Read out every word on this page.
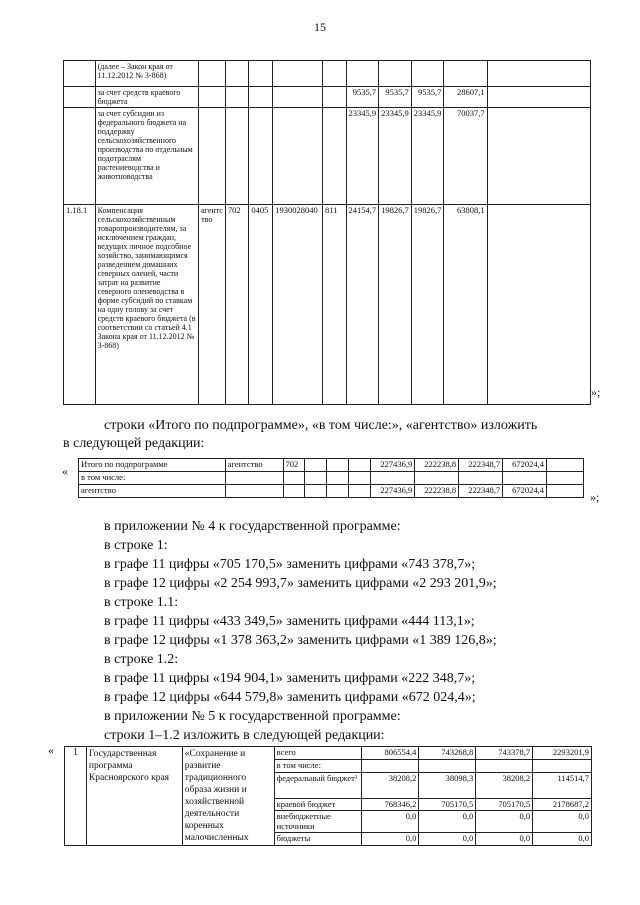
15
	(далее – Закон края от 11.12.2012 № 3-868)										
	за счет средств краевого бюджета						9535,7	9535,7	9535,7	28607,1	
	за счет субсидии из федерального бюджета на поддержку сельскохозяйственного производства по отдельным подотраслям растениеводства и животноводства						23345,9	23345,9	23345,9	70037,7	
1.18.1	Компенсация сельскохозяйственным товаропроизводителям, за исключением граждан, ведущих личное подсобное хозяйство, занимающимся разведением домашних северных оленей, части затрат на развитие северного оленеводства в форме субсидий по ставкам на одну голову за счет средств краевого бюджета (в соответствии со статьей 4.1 Закона края от 11.12.2012 № 3-868)	агентс тво	702	0405	1930028040	811	24154,7	19826,7	19826,7	63808,1	
»;
строки «Итого по подпрограмме», «в том числе:», «агентство» изложить
в следующей редакции:
« Итого по подпрограмме	агентство	702				227436,9	222238,8	222348,7	672024,4	
в том числе:										
агентство						227436,9	222238,8	222348,7	672024,4		»;
в приложении № 4 к государственной программе:
в строке 1:
в графе 11 цифры «705 170,5» заменить цифрами «743 378,7»;
в графе 12 цифры «2 254 993,7» заменить цифрами «2 293 201,9»;
в строке 1.1:
в графе 11 цифры «433 349,5» заменить цифрами «444 113,1»;
в графе 12 цифры «1 378 363,2» заменить цифрами «1 389 126,8»;
в строке 1.2:
в графе 11 цифры «194 904,1» заменить цифрами «222 348,7»;
в графе 12 цифры «644 579,8» заменить цифрами «672 024,4»;
в приложении № 5 к государственной программе:
строки 1–1.2 изложить в следующей редакции:
« 1	Государственная программа Красноярского края	«Сохранение и развитие традиционного образа жизни и хозяйственной деятельности коренных малочисленных	всего	806554,4	743268,8	743378,7	2293201,9
			в том числе:				
			федеральный бюджет¹	38208,2	38098,3	38208,2	114514,7
			краевой бюджет	768346,2	705170,5	705170,5	2178687,2
			внебюджетные источники	0,0	0,0	0,0	0,0
			бюджеты	0,0	0,0	0,0	0,0
